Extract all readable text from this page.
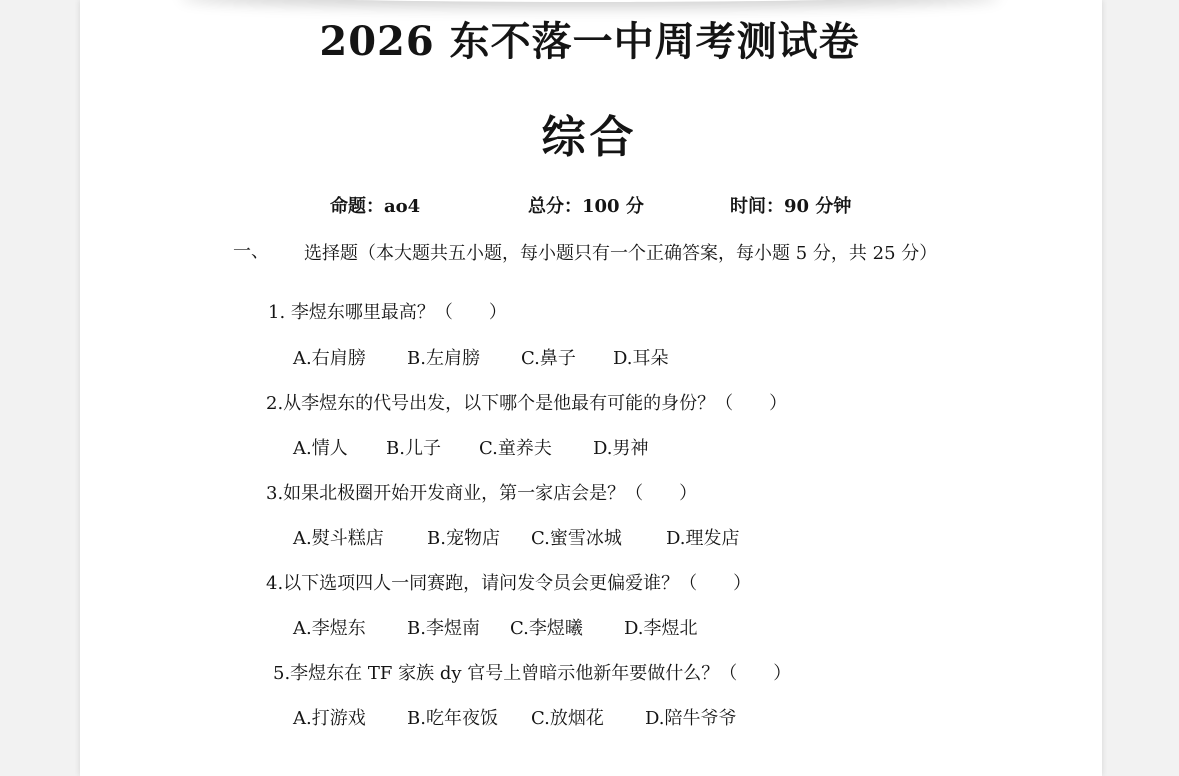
2026 东不落一中周考测试卷
综合
命题：ao4	总分：100 分	时间：90 分钟
一、	选择题（本大题共五小题，每小题只有一个正确答案，每小题 5 分，共 25 分）
1. 李煜东哪里最高？（　　）
A.右肩膀 B.左肩膀 C.鼻子 D.耳朵
2.从李煜东的代号出发，以下哪个是他最有可能的身份？（　　）
A.情人 B.儿子 C.童养夫 D.男神
3.如果北极圈开始开发商业，第一家店会是？（　　）
A.熨斗糕店 B.宠物店 C.蜜雪冰城 D.理发店
4.以下选项四人一同赛跑，请问发令员会更偏爱谁？（　　）
A.李煜东 B.李煜南 C.李煜曦 D.李煜北
5.李煜东在 TF 家族 dy 官号上曾暗示他新年要做什么？（　　）
A.打游戏 B.吃年夜饭 C.放烟花 D.陪牛爷爷
